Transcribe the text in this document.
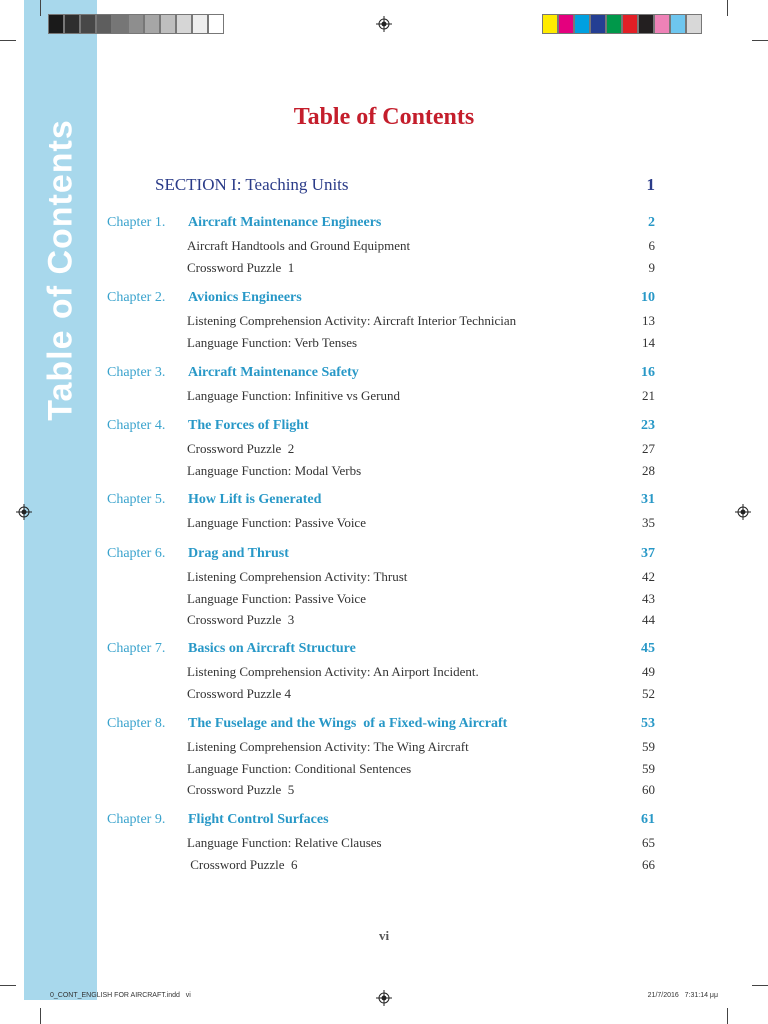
Table of Contents
Table of Contents
SECTION I: Teaching Units	1
Chapter 1. Aircraft Maintenance Engineers	2
Aircraft Handtools and Ground Equipment	6
Crossword Puzzle  1	9
Chapter 2. Avionics Engineers	10
Listening Comprehension Activity: Aircraft Interior Technician	13
Language Function: Verb Tenses	14
Chapter 3. Aircraft Maintenance Safety	16
Language Function: Infinitive vs Gerund	21
Chapter 4. The Forces of Flight	23
Crossword Puzzle  2	27
Language Function: Modal Verbs	28
Chapter 5. How Lift is Generated	31
Language Function: Passive Voice	35
Chapter 6. Drag and Thrust	37
Listening Comprehension Activity: Thrust	42
Language Function: Passive Voice	43
Crossword Puzzle  3	44
Chapter 7. Basics on Aircraft Structure	45
Listening Comprehension Activity: An Airport Incident.	49
Crossword Puzzle 4	52
Chapter 8. The Fuselage and the Wings  of a Fixed-wing Aircraft	53
Listening Comprehension Activity: The Wing Aircraft	59
Language Function: Conditional Sentences	59
Crossword Puzzle  5	60
Chapter 9. Flight Control Surfaces	61
Language Function: Relative Clauses	65
Crossword Puzzle  6	66
vi
0_CONT_ENGLISH FOR AIRCRAFT.indd   vi	21/7/2016   7:31:14 μμ
